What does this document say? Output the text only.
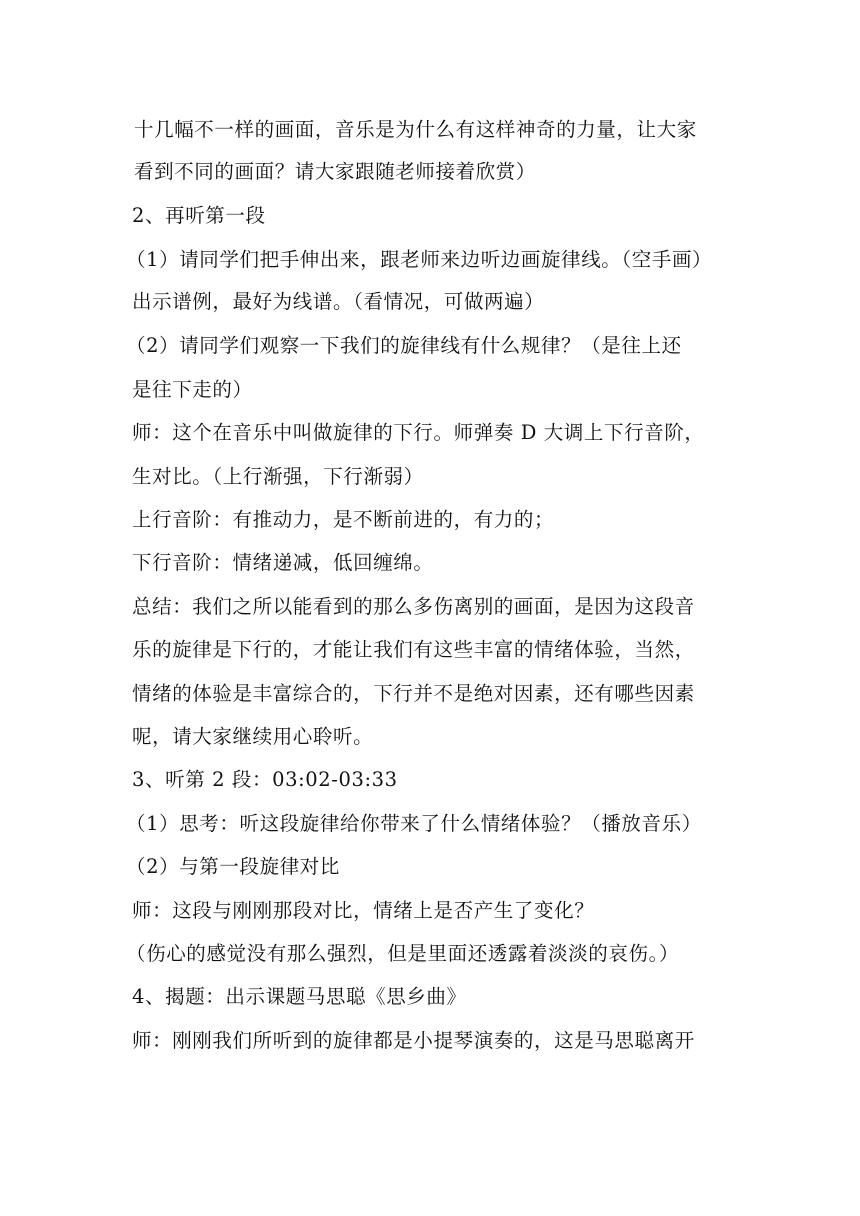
十几幅不一样的画面，音乐是为什么有这样神奇的力量，让大家

看到不同的画面？请大家跟随老师接着欣赏）

2、再听第一段

（1）请同学们把手伸出来，跟老师来边听边画旋律线。（空手画）

出示谱例，最好为线谱。（看情况，可做两遍）

（2）请同学们观察一下我们的旋律线有什么规律？（是往上还

是往下走的）

师：这个在音乐中叫做旋律的下行。师弹奏 D 大调上下行音阶，

生对比。（上行渐强，下行渐弱）

上行音阶：有推动力，是不断前进的，有力的；

下行音阶：情绪递减，低回缠绵。

总结：我们之所以能看到的那么多伤离别的画面，是因为这段音

乐的旋律是下行的，才能让我们有这些丰富的情绪体验，当然，

情绪的体验是丰富综合的，下行并不是绝对因素，还有哪些因素

呢，请大家继续用心聆听。

3、听第 2 段：03:02-03:33

（1）思考：听这段旋律给你带来了什么情绪体验？（播放音乐）

（2）与第一段旋律对比

师：这段与刚刚那段对比，情绪上是否产生了变化？

（伤心的感觉没有那么强烈，但是里面还透露着淡淡的哀伤。）

4、揭题：出示课题马思聪《思乡曲》

师：刚刚我们所听到的旋律都是小提琴演奏的，这是马思聪离开
